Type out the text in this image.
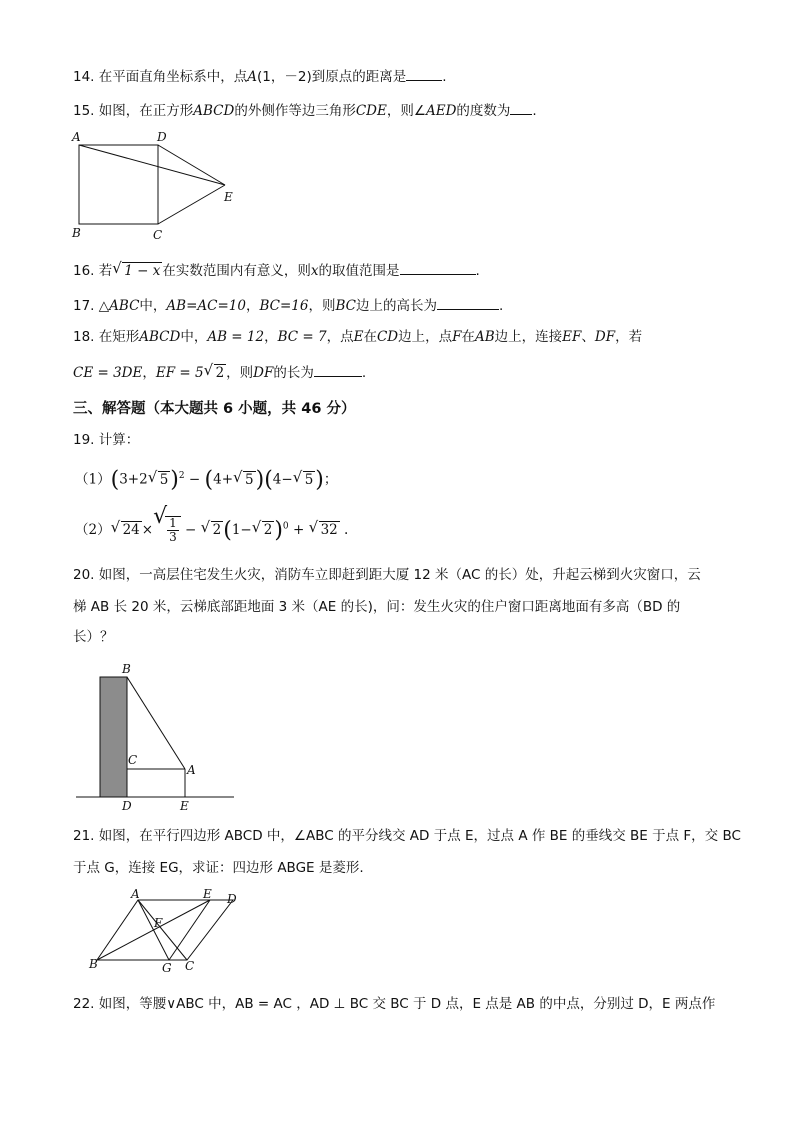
14. 在平面直角坐标系中，点A(1，－2)到原点的距离是	.
15. 如图，在正方形ABCD的外侧作等边三角形CDE，则∠AED的度数为 .
A	D
B	C
E
16. 若 √ 1 − x 在实数范围内有意义，则x的取值范围是	.
17. △ABC中，AB=AC=10，BC=16，则BC边上的高长为	.
18. 在矩形ABCD中，AB = 12，BC = 7，点E在CD边上，点F在AB边上，连接EF、DF，若
CE = 3DE，EF = 5 √ 2 ，则DF的长为	.
三、解答题（本大题共 6 小题，共 46 分）
19. 计算：
（1）(3+2 √ 5)$^2$ − (4+ √ 5)(4− √ 5)；
（2） √ 24 ×
√
$\frac{1}{3}$ − √ 2(1− √ 2)$^0$ + √ 32 .
20. 如图，一高层住宅发生火灾，消防车立即赶到距大厦 12 米（AC 的长）处，升起云梯到火灾窗口，云
梯 AB 长 20 米，云梯底部距地面 3 米（AE 的长)，问：发生火灾的住户窗口距离地面有多高（BD 的
长）？
B
C
A
D	E
21. 如图，在平行四边形 ABCD 中，∠ABC 的平分线交 AD 于点 E，过点 A 作 BE 的垂线交 BE 于点 F，交 BC
于点 G，连接 EG，求证：四边形 ABGE 是菱形.
A	E D
F
B	G C
22. 如图，等腰∨ABC 中，AB = AC ，AD ⊥ BC 交 BC 于 D 点，E 点是 AB 的中点，分别过 D，E 两点作
